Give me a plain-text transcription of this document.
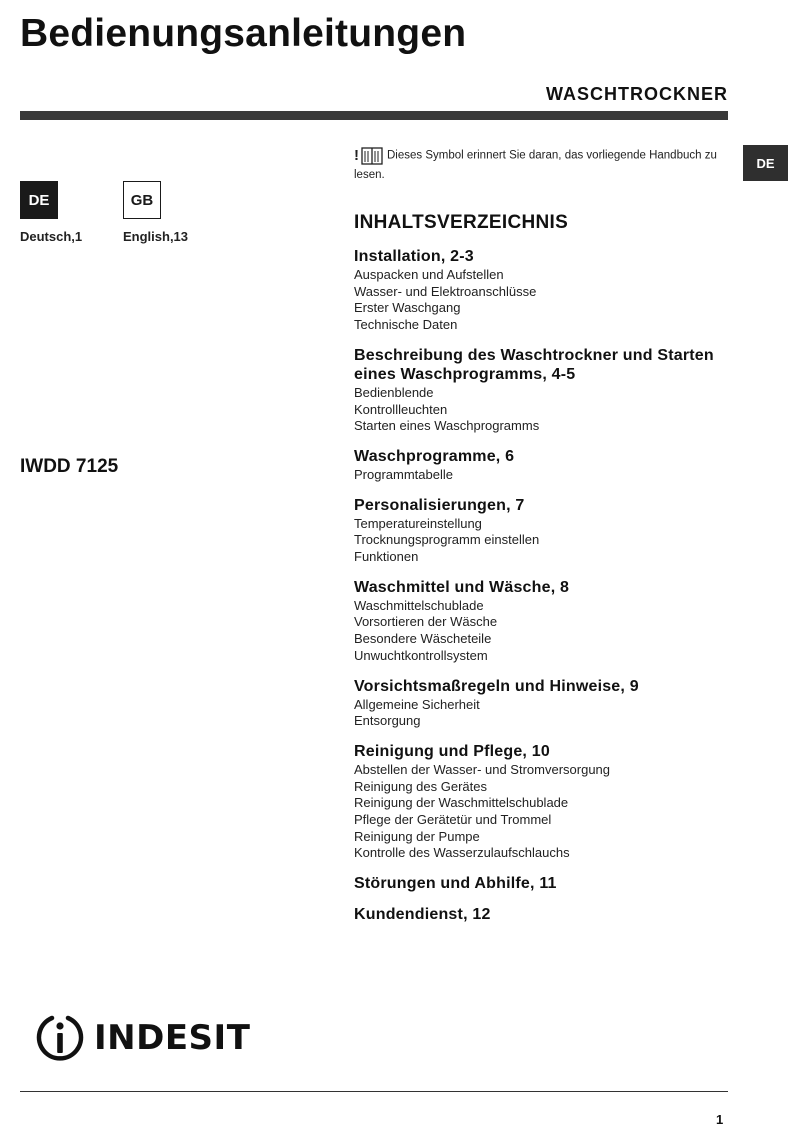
Bedienungsanleitungen
WASCHTROCKNER
DE
DE	GB
Deutsch,1	English,13
IWDD 7125
! Dieses Symbol erinnert Sie daran, das vorliegende Handbuch zu lesen.
INHALTSVERZEICHNIS
Installation, 2-3
Auspacken und Aufstellen
Wasser- und Elektroanschlüsse
Erster Waschgang
Technische Daten
Beschreibung des Waschtrockner und Starten eines Waschprogramms, 4-5
Bedienblende
Kontrollleuchten
Starten eines Waschprogramms
Waschprogramme, 6
Programmtabelle
Personalisierungen, 7
Temperatureinstellung
Trocknungsprogramm einstellen
Funktionen
Waschmittel und Wäsche, 8
Waschmittelschublade
Vorsortieren der Wäsche
Besondere Wäscheteile
Unwuchtkontrollsystem
Vorsichtsmaßregeln und Hinweise, 9
Allgemeine Sicherheit
Entsorgung
Reinigung und Pflege, 10
Abstellen der Wasser- und Stromversorgung
Reinigung des Gerätes
Reinigung der Waschmittelschublade
Pflege der Gerätetür und Trommel
Reinigung der Pumpe
Kontrolle des Wasserzulaufschlauchs
Störungen und Abhilfe, 11
Kundendienst, 12
INDESIT
1
